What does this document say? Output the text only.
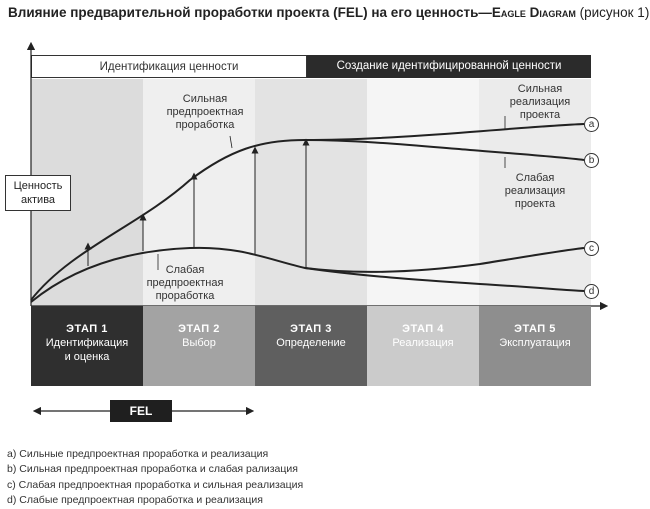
Влияние предварительной проработки проекта (FEL) на его ценность—Eagle Diagram (рисунок 1)
Идентификация ценности	Создание идентифицированной ценности
a
b
c
d
Сильная предпроектная проработка
Слабая предпроектная проработка
Сильная реализация проекта
Слабая реализация проекта
Ценность актива
ЭТАП 1
Идентификация и оценка
ЭТАП 2
Выбор
ЭТАП 3
Определение
ЭТАП 4
Реализация
ЭТАП 5
Эксплуатация
FEL
a) Сильные предпроектная проработка и реализация
b) Сильная предпроектная проработка и слабая рализация
c) Слабая предпроектная проработка и сильная реализация
d) Слабые предпроектная проработка и реализация
